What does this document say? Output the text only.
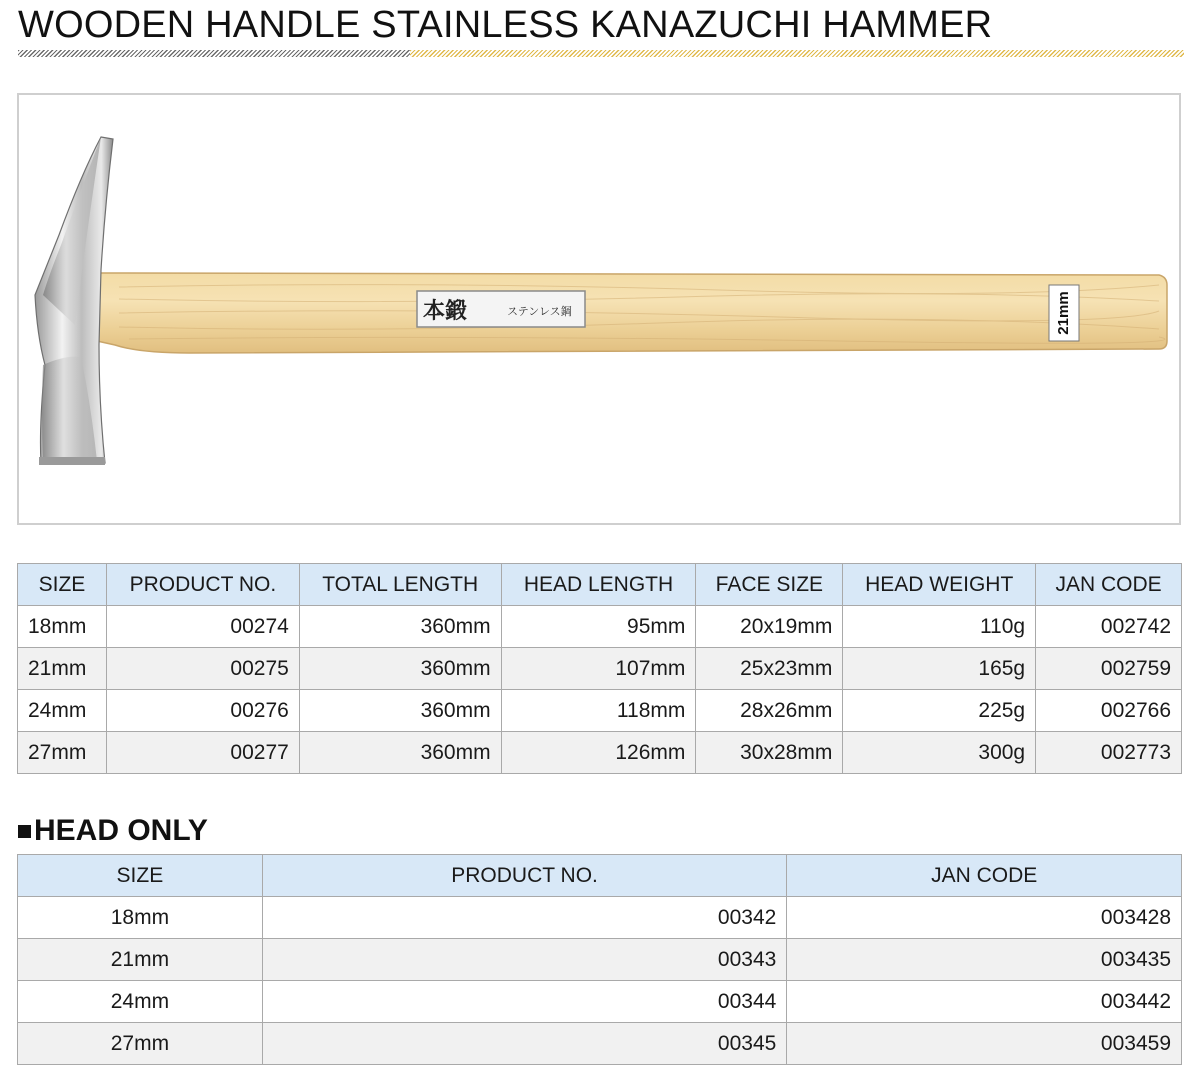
WOODEN HANDLE STAINLESS KANAZUCHI HAMMER
本鍛	ステンレス鋼	21mm
SIZE	PRODUCT NO.	TOTAL LENGTH	HEAD LENGTH	FACE SIZE	HEAD WEIGHT	JAN CODE
18mm	00274	360mm	95mm	20x19mm	110g	002742
21mm	00275	360mm	107mm	25x23mm	165g	002759
24mm	00276	360mm	118mm	28x26mm	225g	002766
27mm	00277	360mm	126mm	30x28mm	300g	002773
HEAD ONLY
SIZE	PRODUCT NO.	JAN CODE
18mm	00342	003428
21mm	00343	003435
24mm	00344	003442
27mm	00345	003459
